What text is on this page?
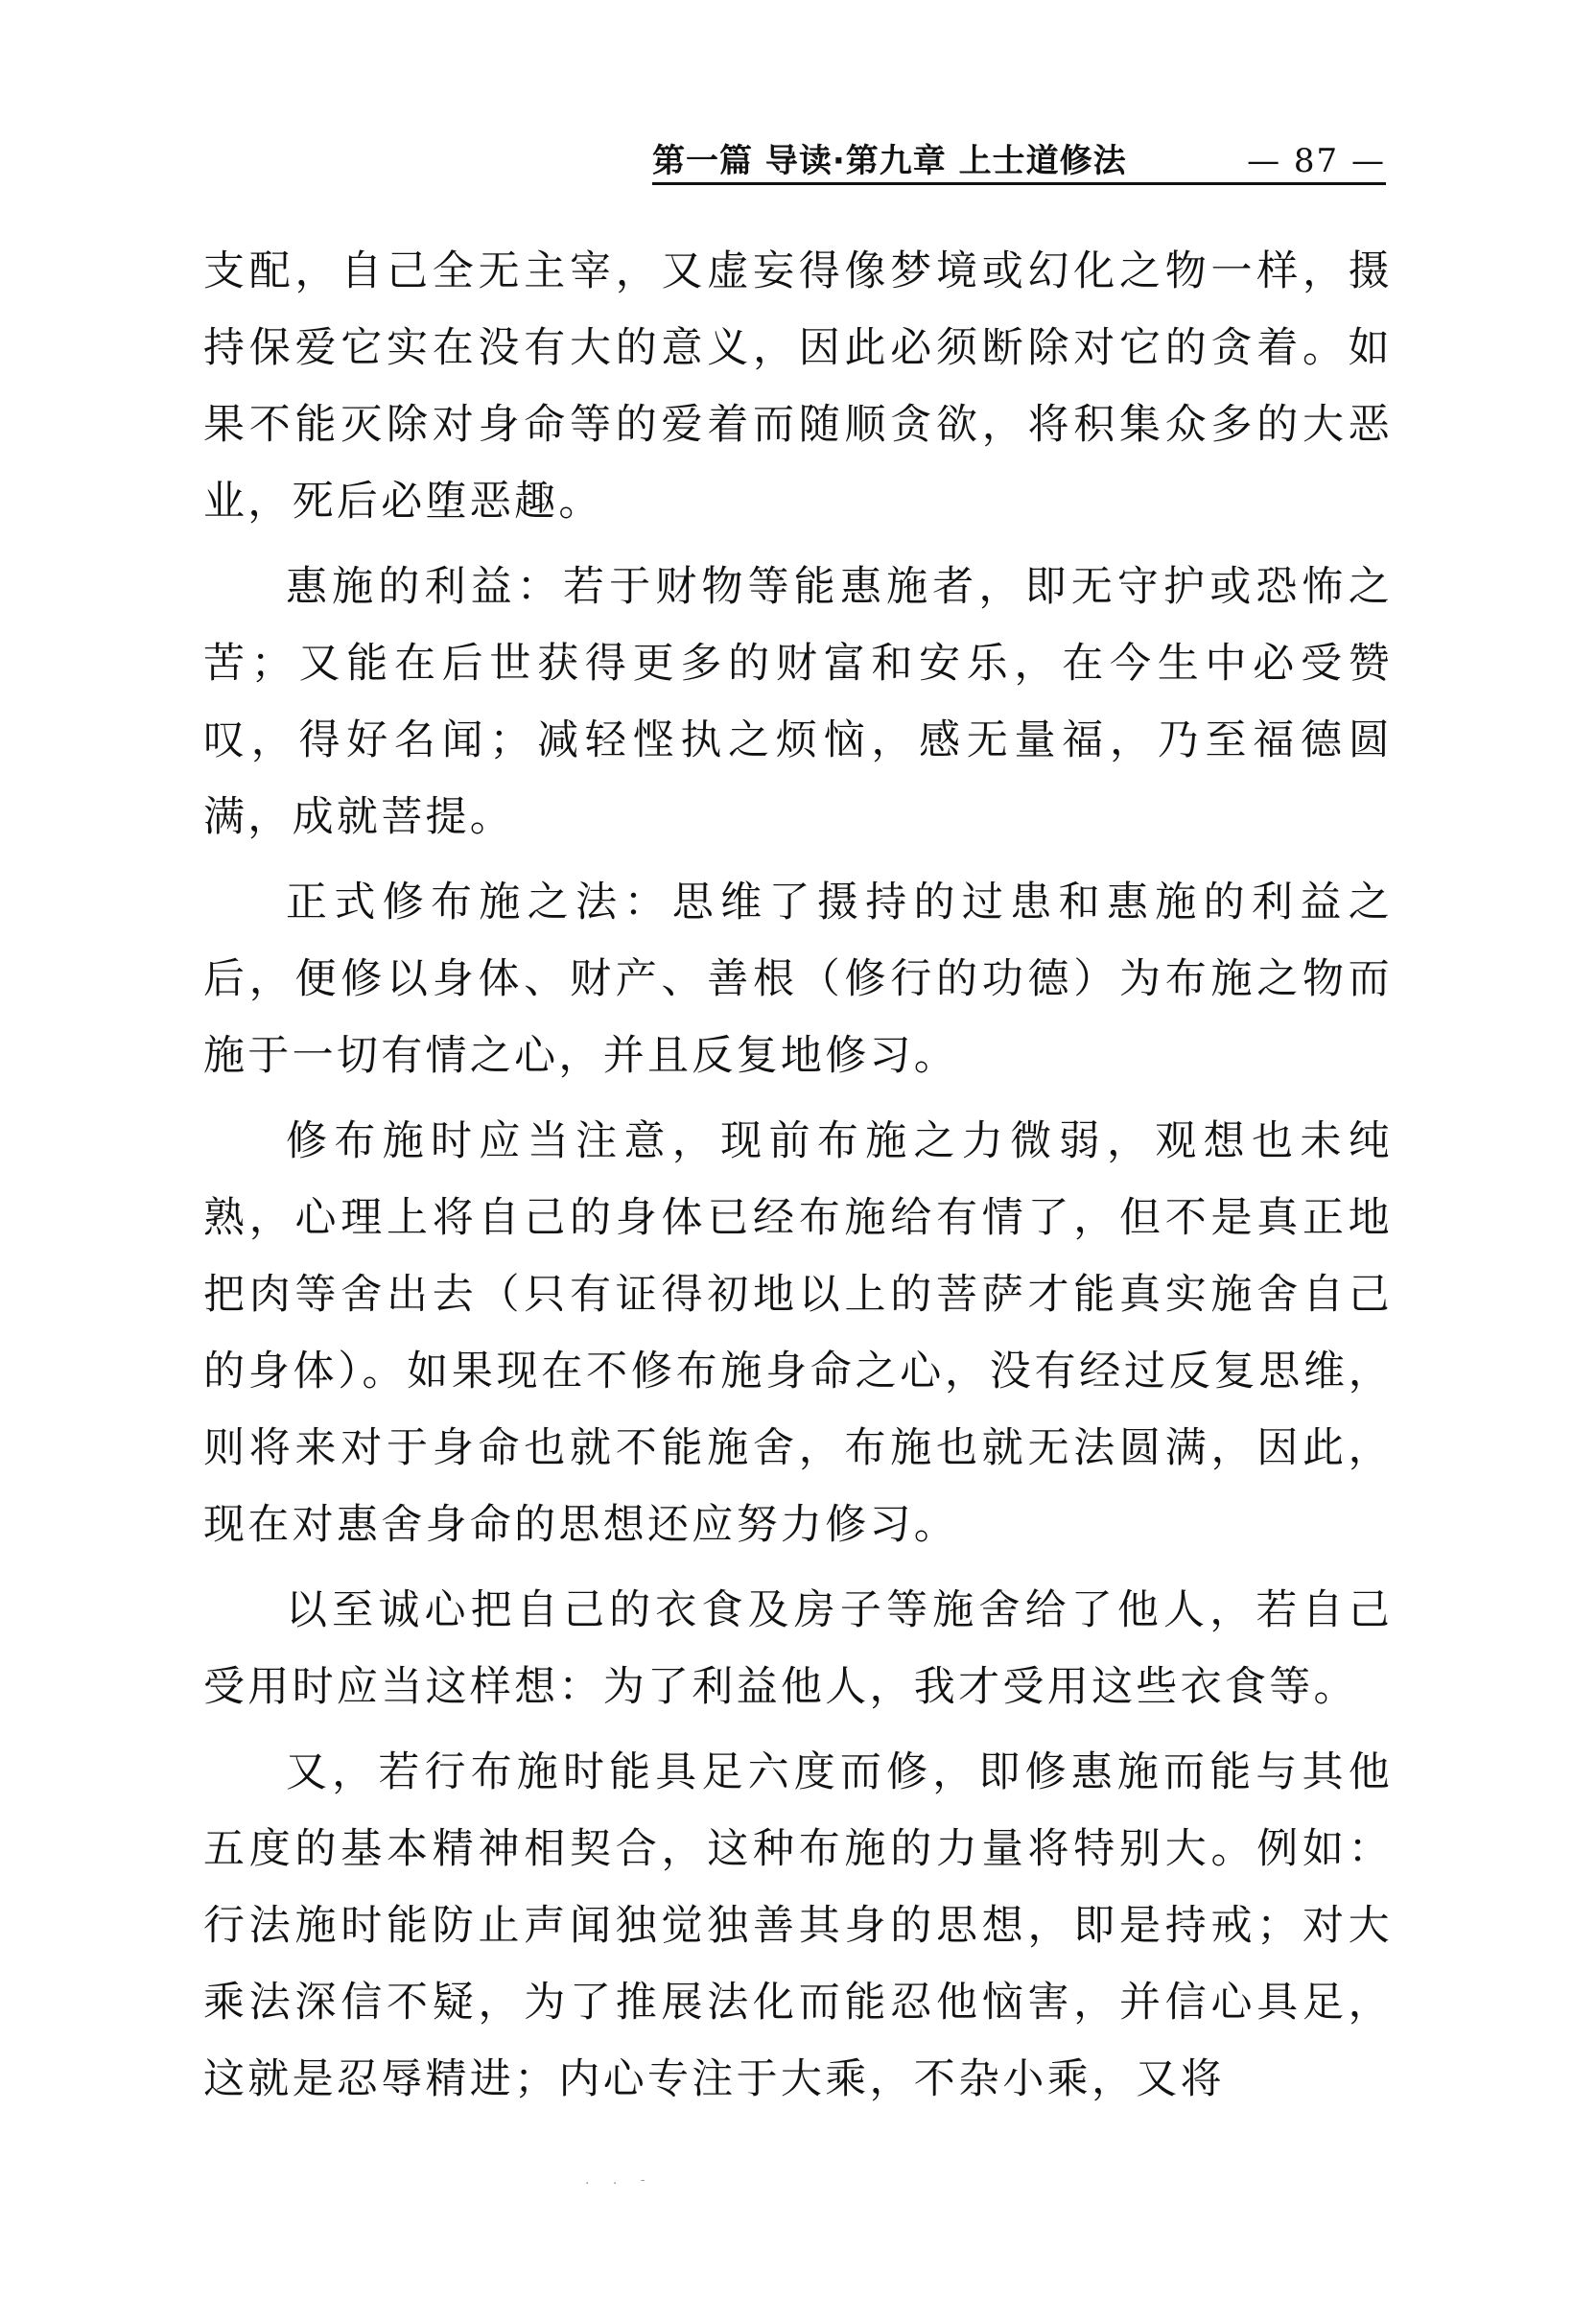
第一篇 导读·第九章 上士道修法	— 87 —

支配，自己全无主宰，又虚妄得像梦境或幻化之物一样，摄持保爱它实在没有大的意义，因此必须断除对它的贪着。如果不能灭除对身命等的爱着而随顺贪欲，将积集众多的大恶业，死后必堕恶趣。

惠施的利益：若于财物等能惠施者，即无守护或恐怖之苦；又能在后世获得更多的财富和安乐，在今生中必受赞叹，得好名闻；减轻悭执之烦恼，感无量福，乃至福德圆满，成就菩提。

正式修布施之法：思维了摄持的过患和惠施的利益之后，便修以身体、财产、善根（修行的功德）为布施之物而施于一切有情之心，并且反复地修习。

修布施时应当注意，现前布施之力微弱，观想也未纯熟，心理上将自己的身体已经布施给有情了，但不是真正地把肉等舍出去（只有证得初地以上的菩萨才能真实施舍自己的身体）。如果现在不修布施身命之心，没有经过反复思维，则将来对于身命也就不能施舍，布施也就无法圆满，因此，现在对惠舍身命的思想还应努力修习。

以至诚心把自己的衣食及房子等施舍给了他人，若自己受用时应当这样想：为了利益他人，我才受用这些衣食等。

又，若行布施时能具足六度而修，即修惠施而能与其他五度的基本精神相契合，这种布施的力量将特别大。例如：行法施时能防止声闻独觉独善其身的思想，即是持戒；对大乘法深信不疑，为了推展法化而能忍他恼害，并信心具足，这就是忍辱精进；内心专注于大乘，不杂小乘，又将

. . -
